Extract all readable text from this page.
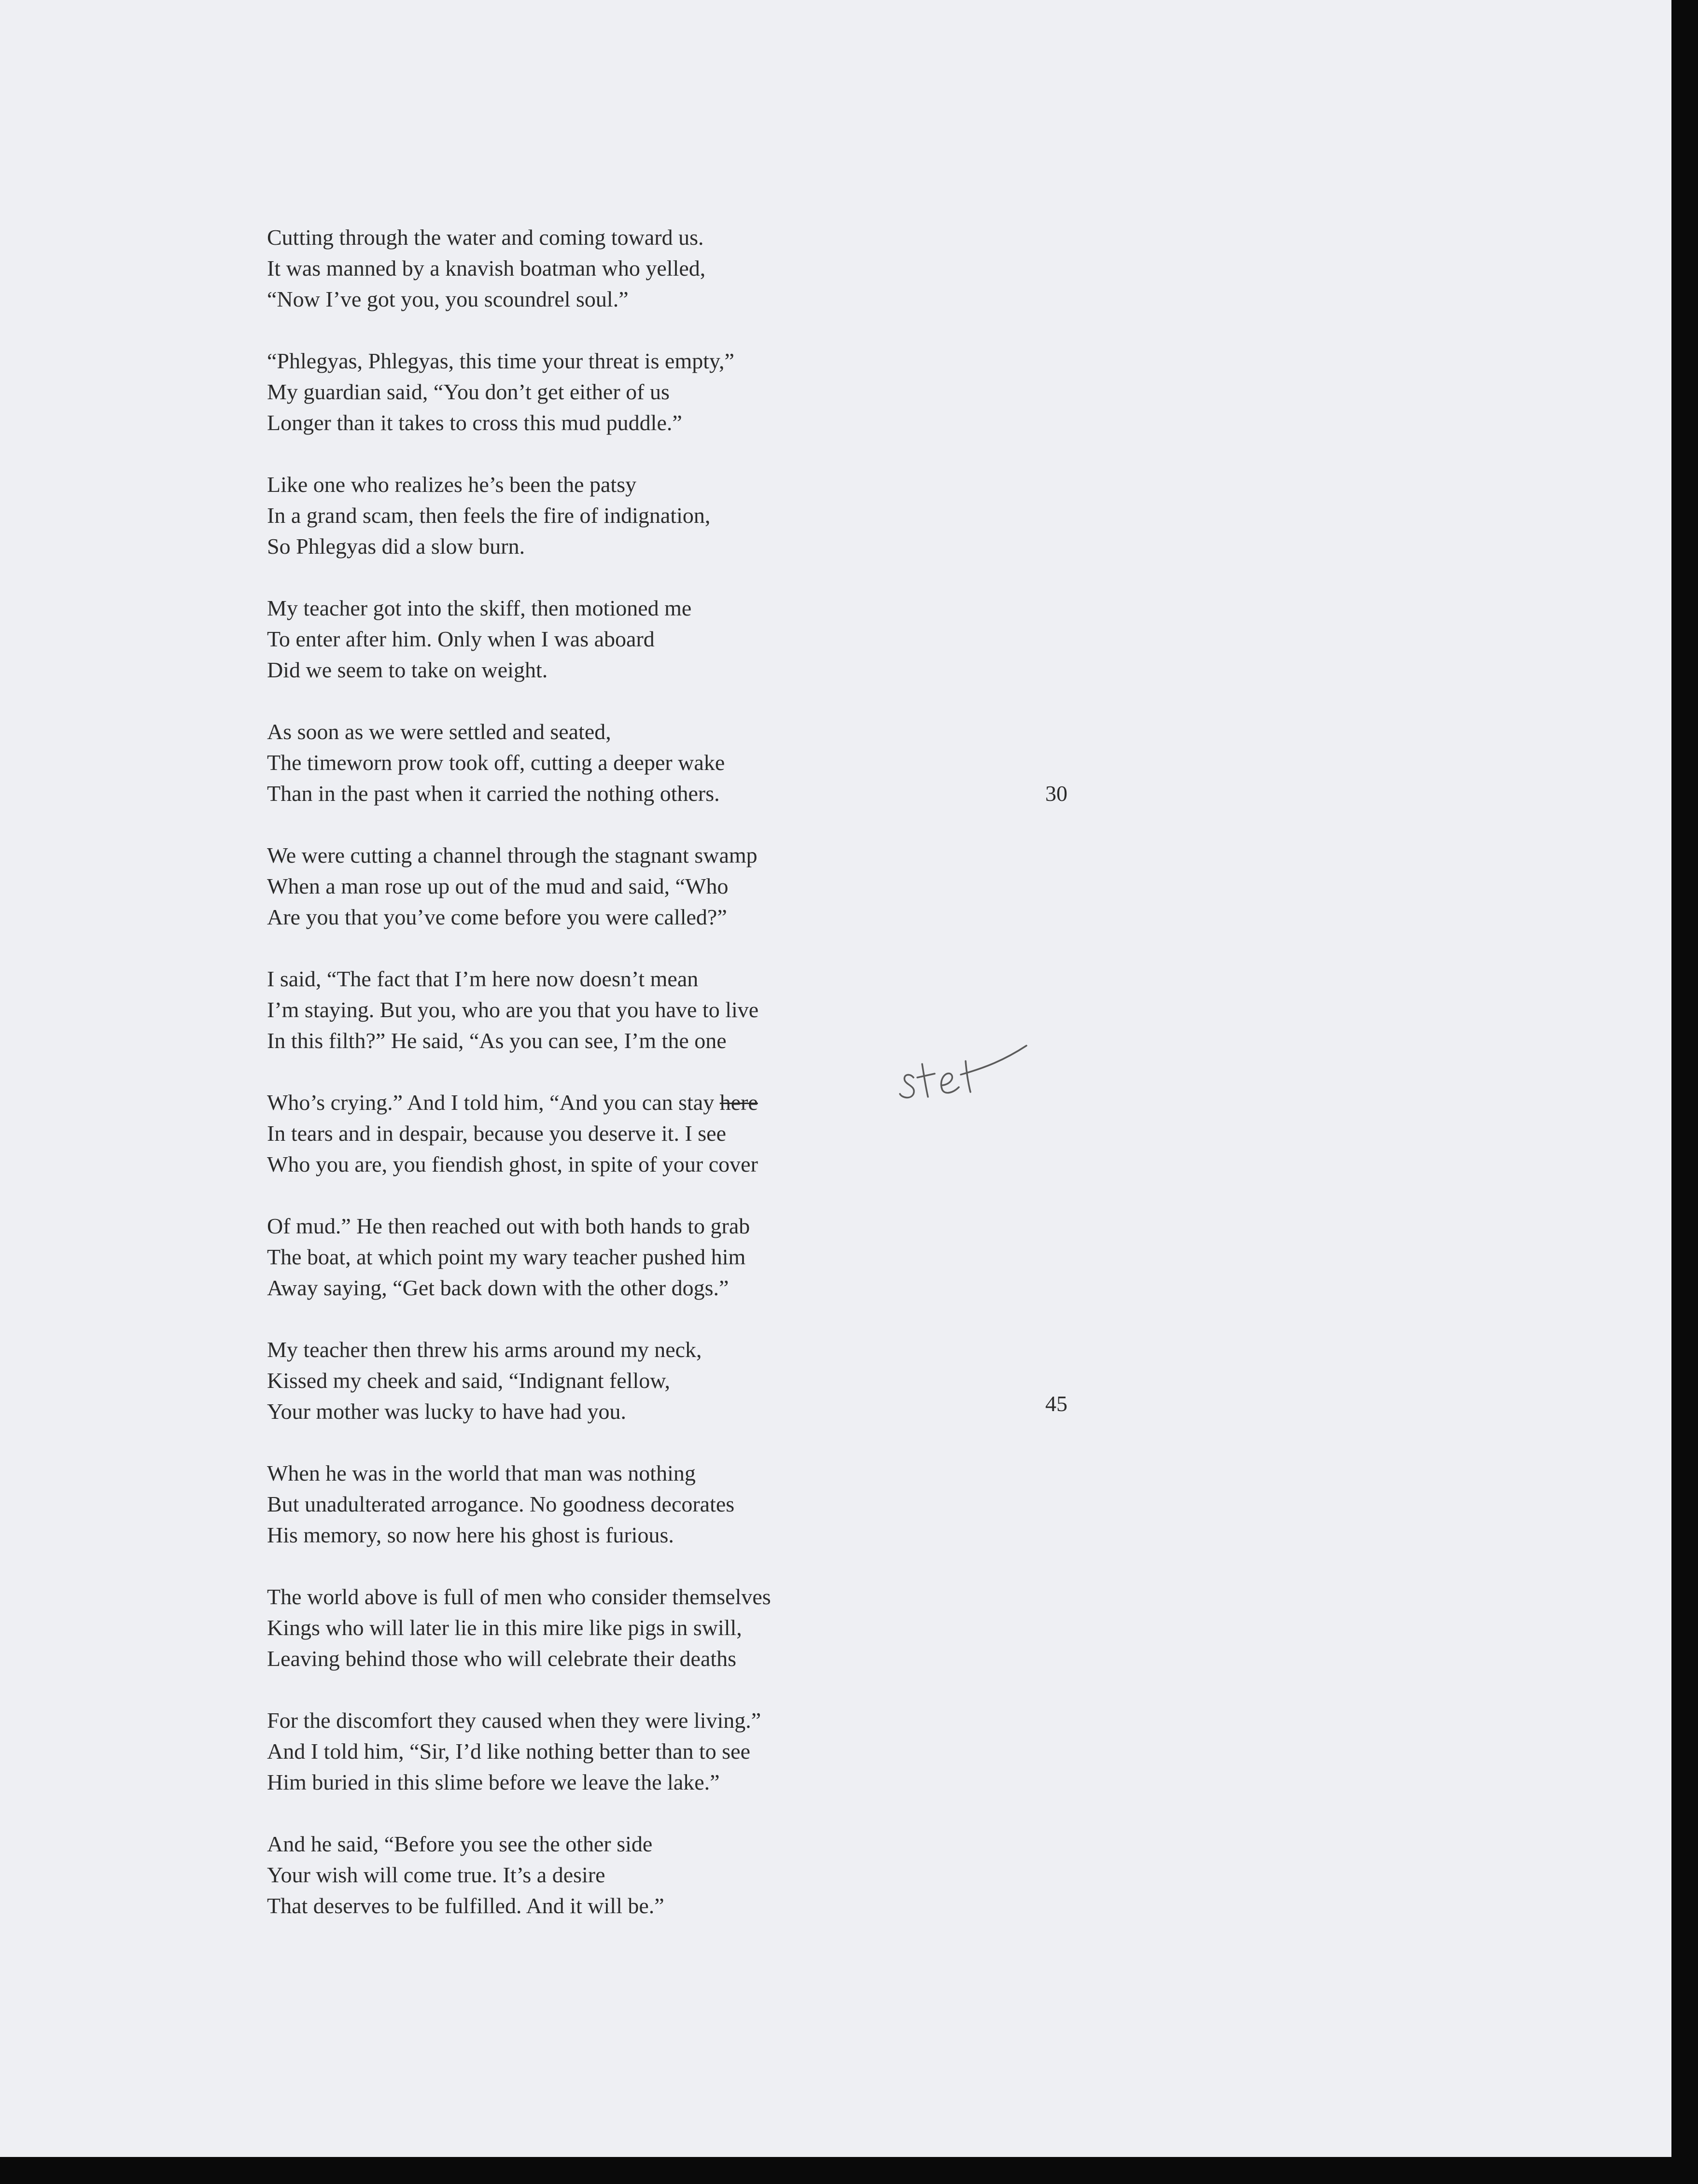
Cutting through the water and coming toward us.
It was manned by a knavish boatman who yelled,
“Now I’ve got you, you scoundrel soul.”
“Phlegyas, Phlegyas, this time your threat is empty,”
My guardian said, “You don’t get either of us
Longer than it takes to cross this mud puddle.”
Like one who realizes he’s been the patsy
In a grand scam, then feels the fire of indignation,
So Phlegyas did a slow burn.
My teacher got into the skiff, then motioned me
To enter after him. Only when I was aboard
Did we seem to take on weight.
As soon as we were settled and seated,
The timeworn prow took off, cutting a deeper wake
Than in the past when it carried the nothing others.
We were cutting a channel through the stagnant swamp
When a man rose up out of the mud and said, “Who
Are you that you’ve come before you were called?”
I said, “The fact that I’m here now doesn’t mean
I’m staying. But you, who are you that you have to live
In this filth?” He said, “As you can see, I’m the one
Who’s crying.” And I told him, “And you can stay here
In tears and in despair, because you deserve it. I see
Who you are, you fiendish ghost, in spite of your cover
Of mud.” He then reached out with both hands to grab
The boat, at which point my wary teacher pushed him
Away saying, “Get back down with the other dogs.”
My teacher then threw his arms around my neck,
Kissed my cheek and said, “Indignant fellow,
Your mother was lucky to have had you.
When he was in the world that man was nothing
But unadulterated arrogance. No goodness decorates
His memory, so now here his ghost is furious.
The world above is full of men who consider themselves
Kings who will later lie in this mire like pigs in swill,
Leaving behind those who will celebrate their deaths
For the discomfort they caused when they were living.”
And I told him, “Sir, I’d like nothing better than to see
Him buried in this slime before we leave the lake.”
And he said, “Before you see the other side
Your wish will come true. It’s a desire
That deserves to be fulfilled. And it will be.”
30
45
